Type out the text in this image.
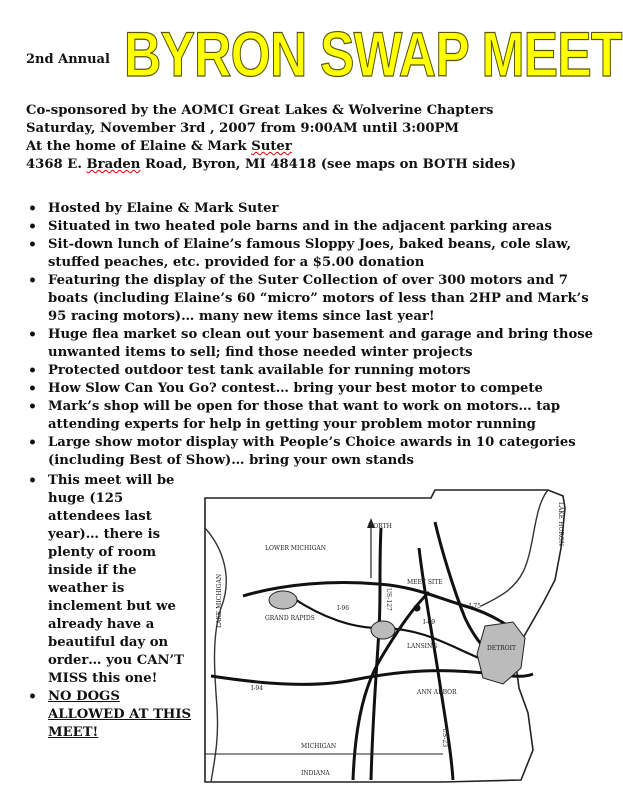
2nd Annual BYRON SWAP MEET
Co-sponsored by the AOMCI Great Lakes & Wolverine Chapters
Saturday, November 3rd , 2007 from 9:00AM until 3:00PM
At the home of Elaine & Mark Suter
4368 E. Braden Road, Byron, MI 48418 (see maps on BOTH sides)
• Hosted by Elaine & Mark Suter
• Situated in two heated pole barns and in the adjacent parking areas
• Sit-down lunch of Elaine’s famous Sloppy Joes, baked beans, cole slaw, stuffed peaches, etc. provided for a $5.00 donation
• Featuring the display of the Suter Collection of over 300 motors and 7 boats (including Elaine’s 60 “micro” motors of less than 2HP and Mark’s 95 racing motors)… many new items since last year!
• Huge flea market so clean out your basement and garage and bring those unwanted items to sell; find those needed winter projects
• Protected outdoor test tank available for running motors
• How Slow Can You Go? contest… bring your best motor to compete
• Mark’s shop will be open for those that want to work on motors… tap attending experts for help in getting your problem motor running
• Large show motor display with People’s Choice awards in 10 categories (including Best of Show)… bring your own stands
• This meet will be huge (125 attendees last year)… there is plenty of room inside if the weather is inclement but we already have a beautiful day on order… you CAN’T MISS this one!
• NO DOGS ALLOWED AT THIS MEET!
LOWER MICHIGAN
NORTH	LAKE HURON
LAKE MICHIGAN	MEET SITE
GRAND RAPIDS
LANSING	DETROIT
ANN ARBOR
MICHIGAN
INDIANA
I-96
I-94
I-69
I-75
US-127
US-23
